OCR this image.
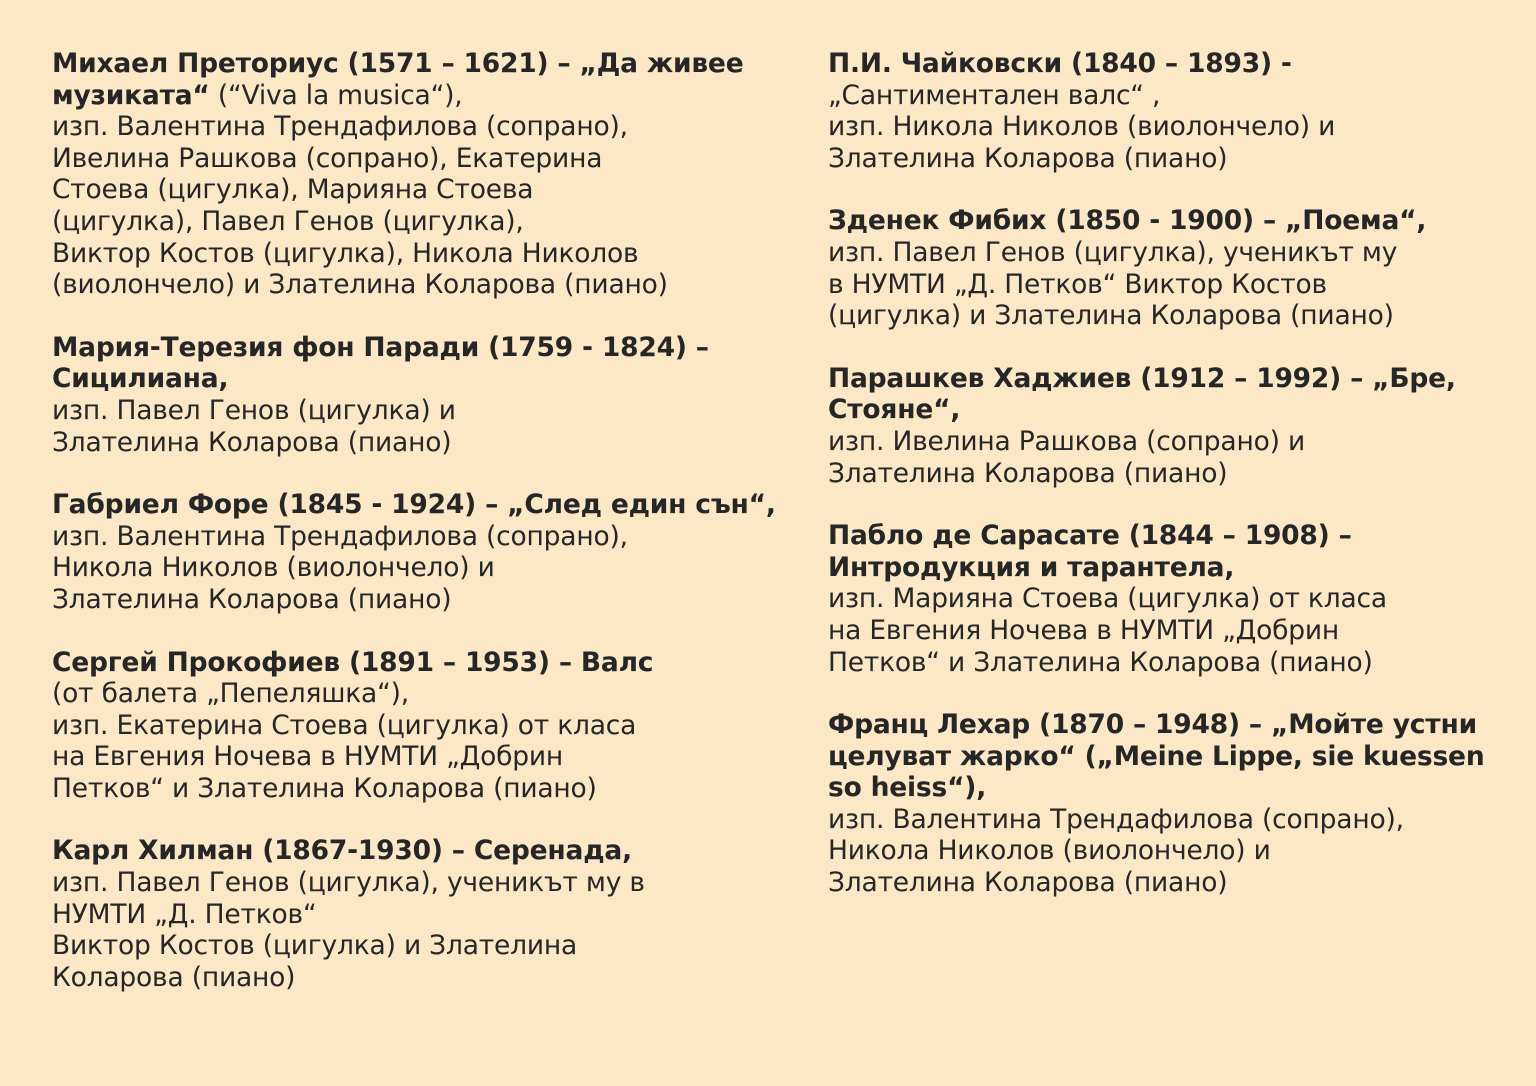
Михаел Преториус (1571 – 1621) – „Да живее
музиката“ (“Viva la musica“),
изп. Валентина Трендафилова (сопрано),
Ивелина Рашкова (сопрано), Екатерина
Стоева (цигулка), Марияна Стоева
(цигулка), Павел Генов (цигулка),
Виктор Костов (цигулка), Никола Николов
(виолончело) и Злателина Коларова (пиано)
Мария-Терезия фон Паради (1759 - 1824) –
Сицилиана,
изп. Павел Генов (цигулка) и
Злателина Коларова (пиано)
Габриел Форе (1845 - 1924) – „След един сън“,
изп. Валентина Трендафилова (сопрано),
Никола Николов (виолончело) и
Злателина Коларова (пиано)
Сергей Прокофиев (1891 – 1953) – Валс
(от балета „Пепеляшка“),
изп. Екатерина Стоева (цигулка) от класа
на Евгения Ночева в НУМТИ „Добрин
Петков“ и Злателина Коларова (пиано)
Карл Хилман (1867-1930) – Серенада,
изп. Павел Генов (цигулка), ученикът му в
НУМТИ „Д. Петков“
Виктор Костов (цигулка) и Злателина
Коларова (пиано)
П.И. Чайковски (1840 – 1893) -
„Сантиментален валс“ ,
изп. Никола Николов (виолончело) и
Злателина Коларова (пиано)
Зденек Фибих (1850 - 1900) – „Поема“,
изп. Павел Генов (цигулка), ученикът му
в НУМТИ „Д. Петков“ Виктор Костов
(цигулка) и Злателина Коларова (пиано)
Парашкев Хаджиев (1912 – 1992) – „Бре,
Стояне“,
изп. Ивелина Рашкова (сопрано) и
Злателина Коларова (пиано)
Пабло де Сарасате (1844 – 1908) –
Интродукция и тарантела,
изп. Марияна Стоева (цигулка) от класа
на Евгения Ночева в НУМТИ „Добрин
Петков“ и Злателина Коларова (пиано)
Франц Лехар (1870 – 1948) – „Мойте устни
целуват жарко“ („Meine Lippe, sie kuessen
so heiss“),
изп. Валентина Трендафилова (сопрано),
Никола Николов (виолончело) и
Злателина Коларова (пиано)
